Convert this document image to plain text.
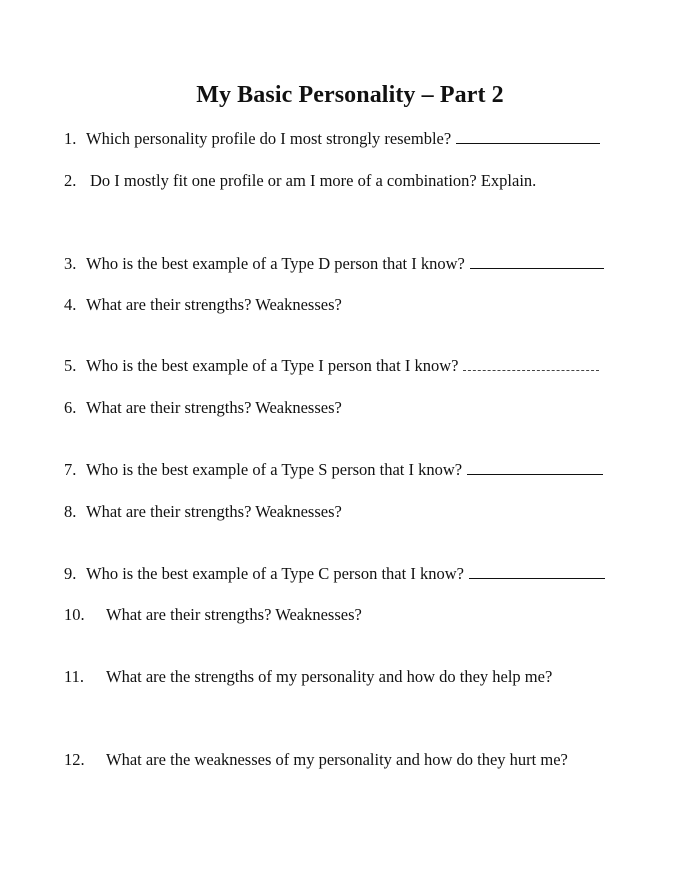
My Basic Personality – Part 2
1. Which personality profile do I most strongly resemble?
2. Do I mostly fit one profile or am I more of a combination? Explain.
3. Who is the best example of a Type D person that I know?
4. What are their strengths? Weaknesses?
5. Who is the best example of a Type I person that I know?
6. What are their strengths? Weaknesses?
7. Who is the best example of a Type S person that I know?
8. What are their strengths? Weaknesses?
9. Who is the best example of a Type C person that I know?
10. What are their strengths? Weaknesses?
11. What are the strengths of my personality and how do they help me?
12. What are the weaknesses of my personality and how do they hurt me?
